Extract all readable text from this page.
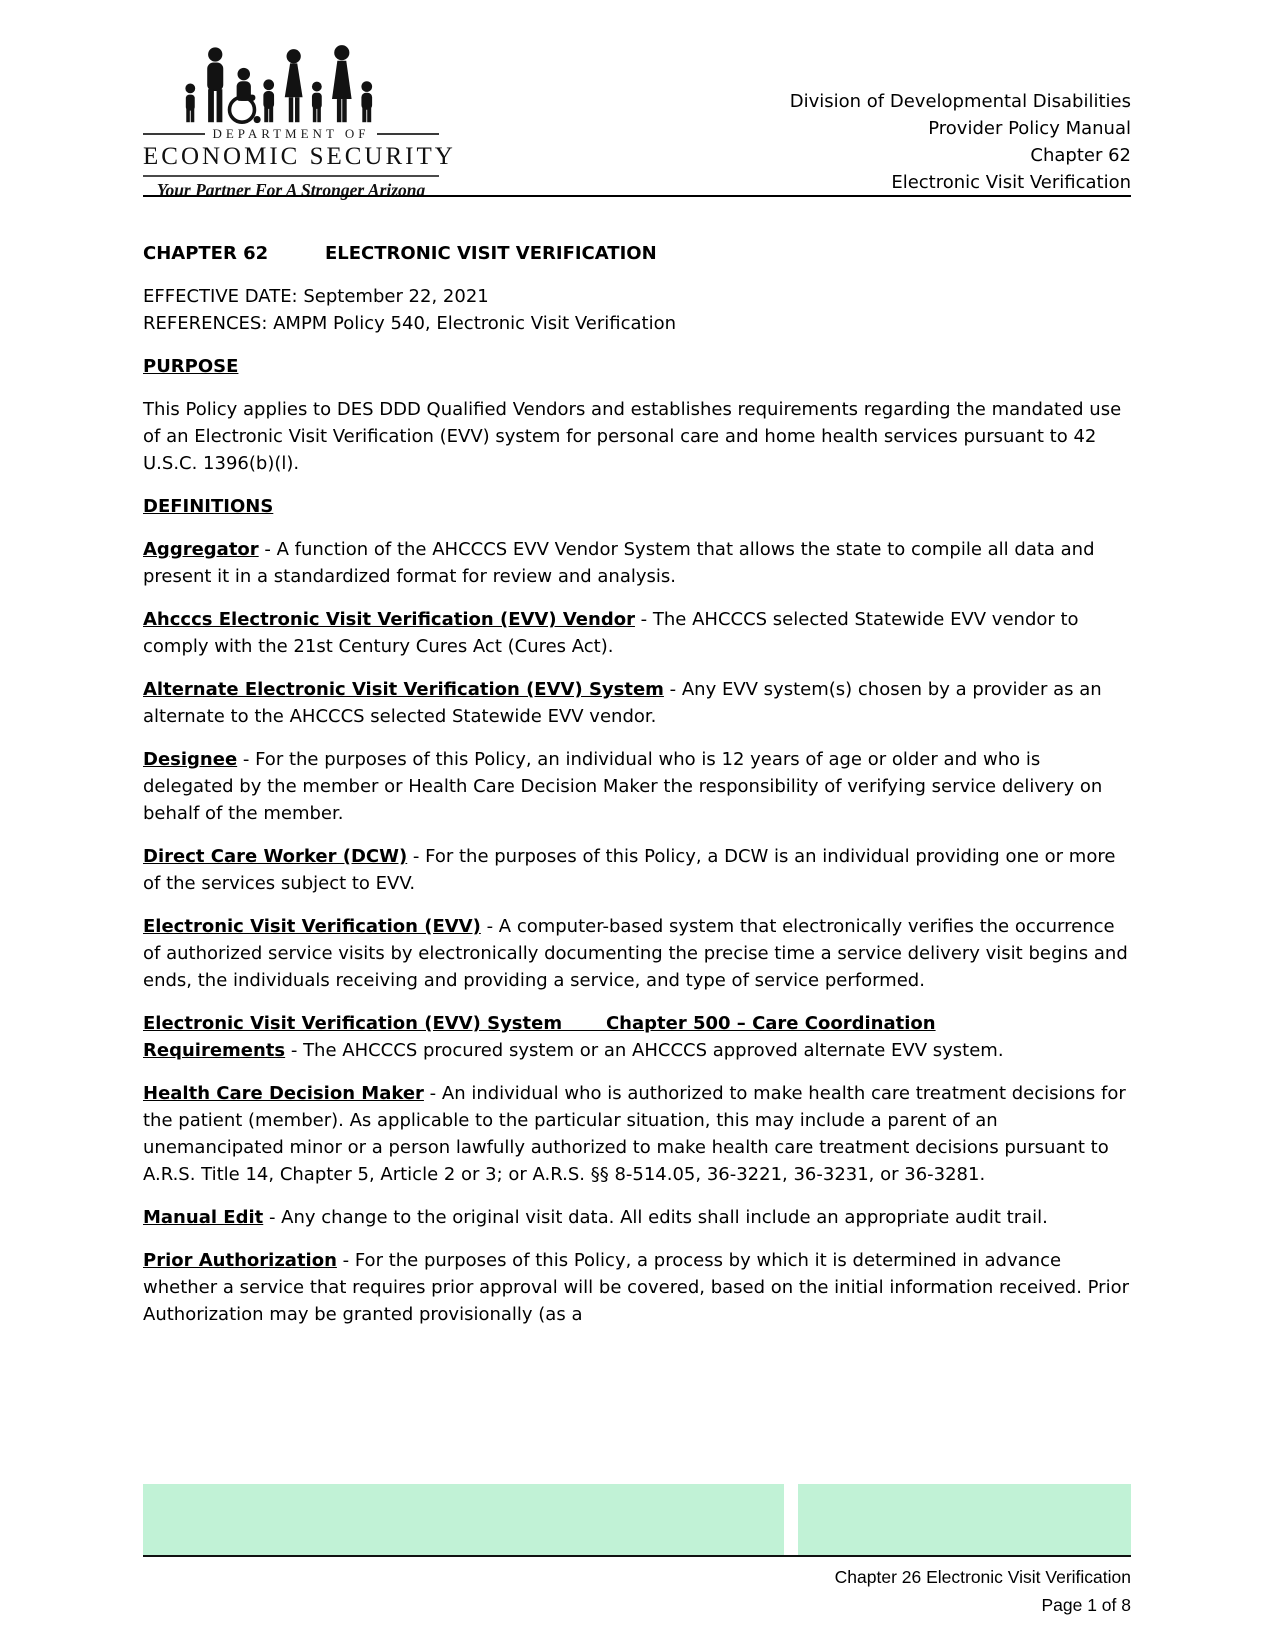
DEPARTMENT OF
ECONOMIC SECURITY
Your Partner For A Stronger Arizona
Division of Developmental Disabilities
Provider Policy Manual
Chapter 62
Electronic Visit Verification

CHAPTER 62	ELECTRONIC VISIT VERIFICATION

EFFECTIVE DATE: September 22, 2021
REFERENCES: AMPM Policy 540, Electronic Visit Verification

PURPOSE

This Policy applies to DES DDD Qualified Vendors and establishes requirements regarding the mandated use of an Electronic Visit Verification (EVV) system for personal care and home health services pursuant to 42 U.S.C. 1396(b)(l).

DEFINITIONS

Aggregator - A function of the AHCCCS EVV Vendor System that allows the state to compile all data and present it in a standardized format for review and analysis.

Ahcccs Electronic Visit Verification (EVV) Vendor - The AHCCCS selected Statewide EVV vendor to comply with the 21st Century Cures Act (Cures Act).

Alternate Electronic Visit Verification (EVV) System - Any EVV system(s) chosen by a provider as an alternate to the AHCCCS selected Statewide EVV vendor.

Designee - For the purposes of this Policy, an individual who is 12 years of age or older and who is delegated by the member or Health Care Decision Maker the responsibility of verifying service delivery on behalf of the member.

Direct Care Worker (DCW) - For the purposes of this Policy, a DCW is an individual providing one or more of the services subject to EVV.

Electronic Visit Verification (EVV) - A computer-based system that electronically verifies the occurrence of authorized service visits by electronically documenting the precise time a service delivery visit begins and ends, the individuals receiving and providing a service, and type of service performed.

Electronic Visit Verification (EVV) System       Chapter 500 – Care Coordination
Requirements - The AHCCCS procured system or an AHCCCS approved alternate EVV system.

Health Care Decision Maker - An individual who is authorized to make health care treatment decisions for the patient (member). As applicable to the particular situation, this may include a parent of an unemancipated minor or a person lawfully authorized to make health care treatment decisions pursuant to A.R.S. Title 14, Chapter 5, Article 2 or 3; or A.R.S. §§ 8-514.05, 36-3221, 36-3231, or 36-3281.

Manual Edit - Any change to the original visit data. All edits shall include an appropriate audit trail.

Prior Authorization - For the purposes of this Policy, a process by which it is determined in advance whether a service that requires prior approval will be covered, based on the initial information received. Prior Authorization may be granted provisionally (as a

Chapter 26 Electronic Visit Verification
Page 1 of 8
